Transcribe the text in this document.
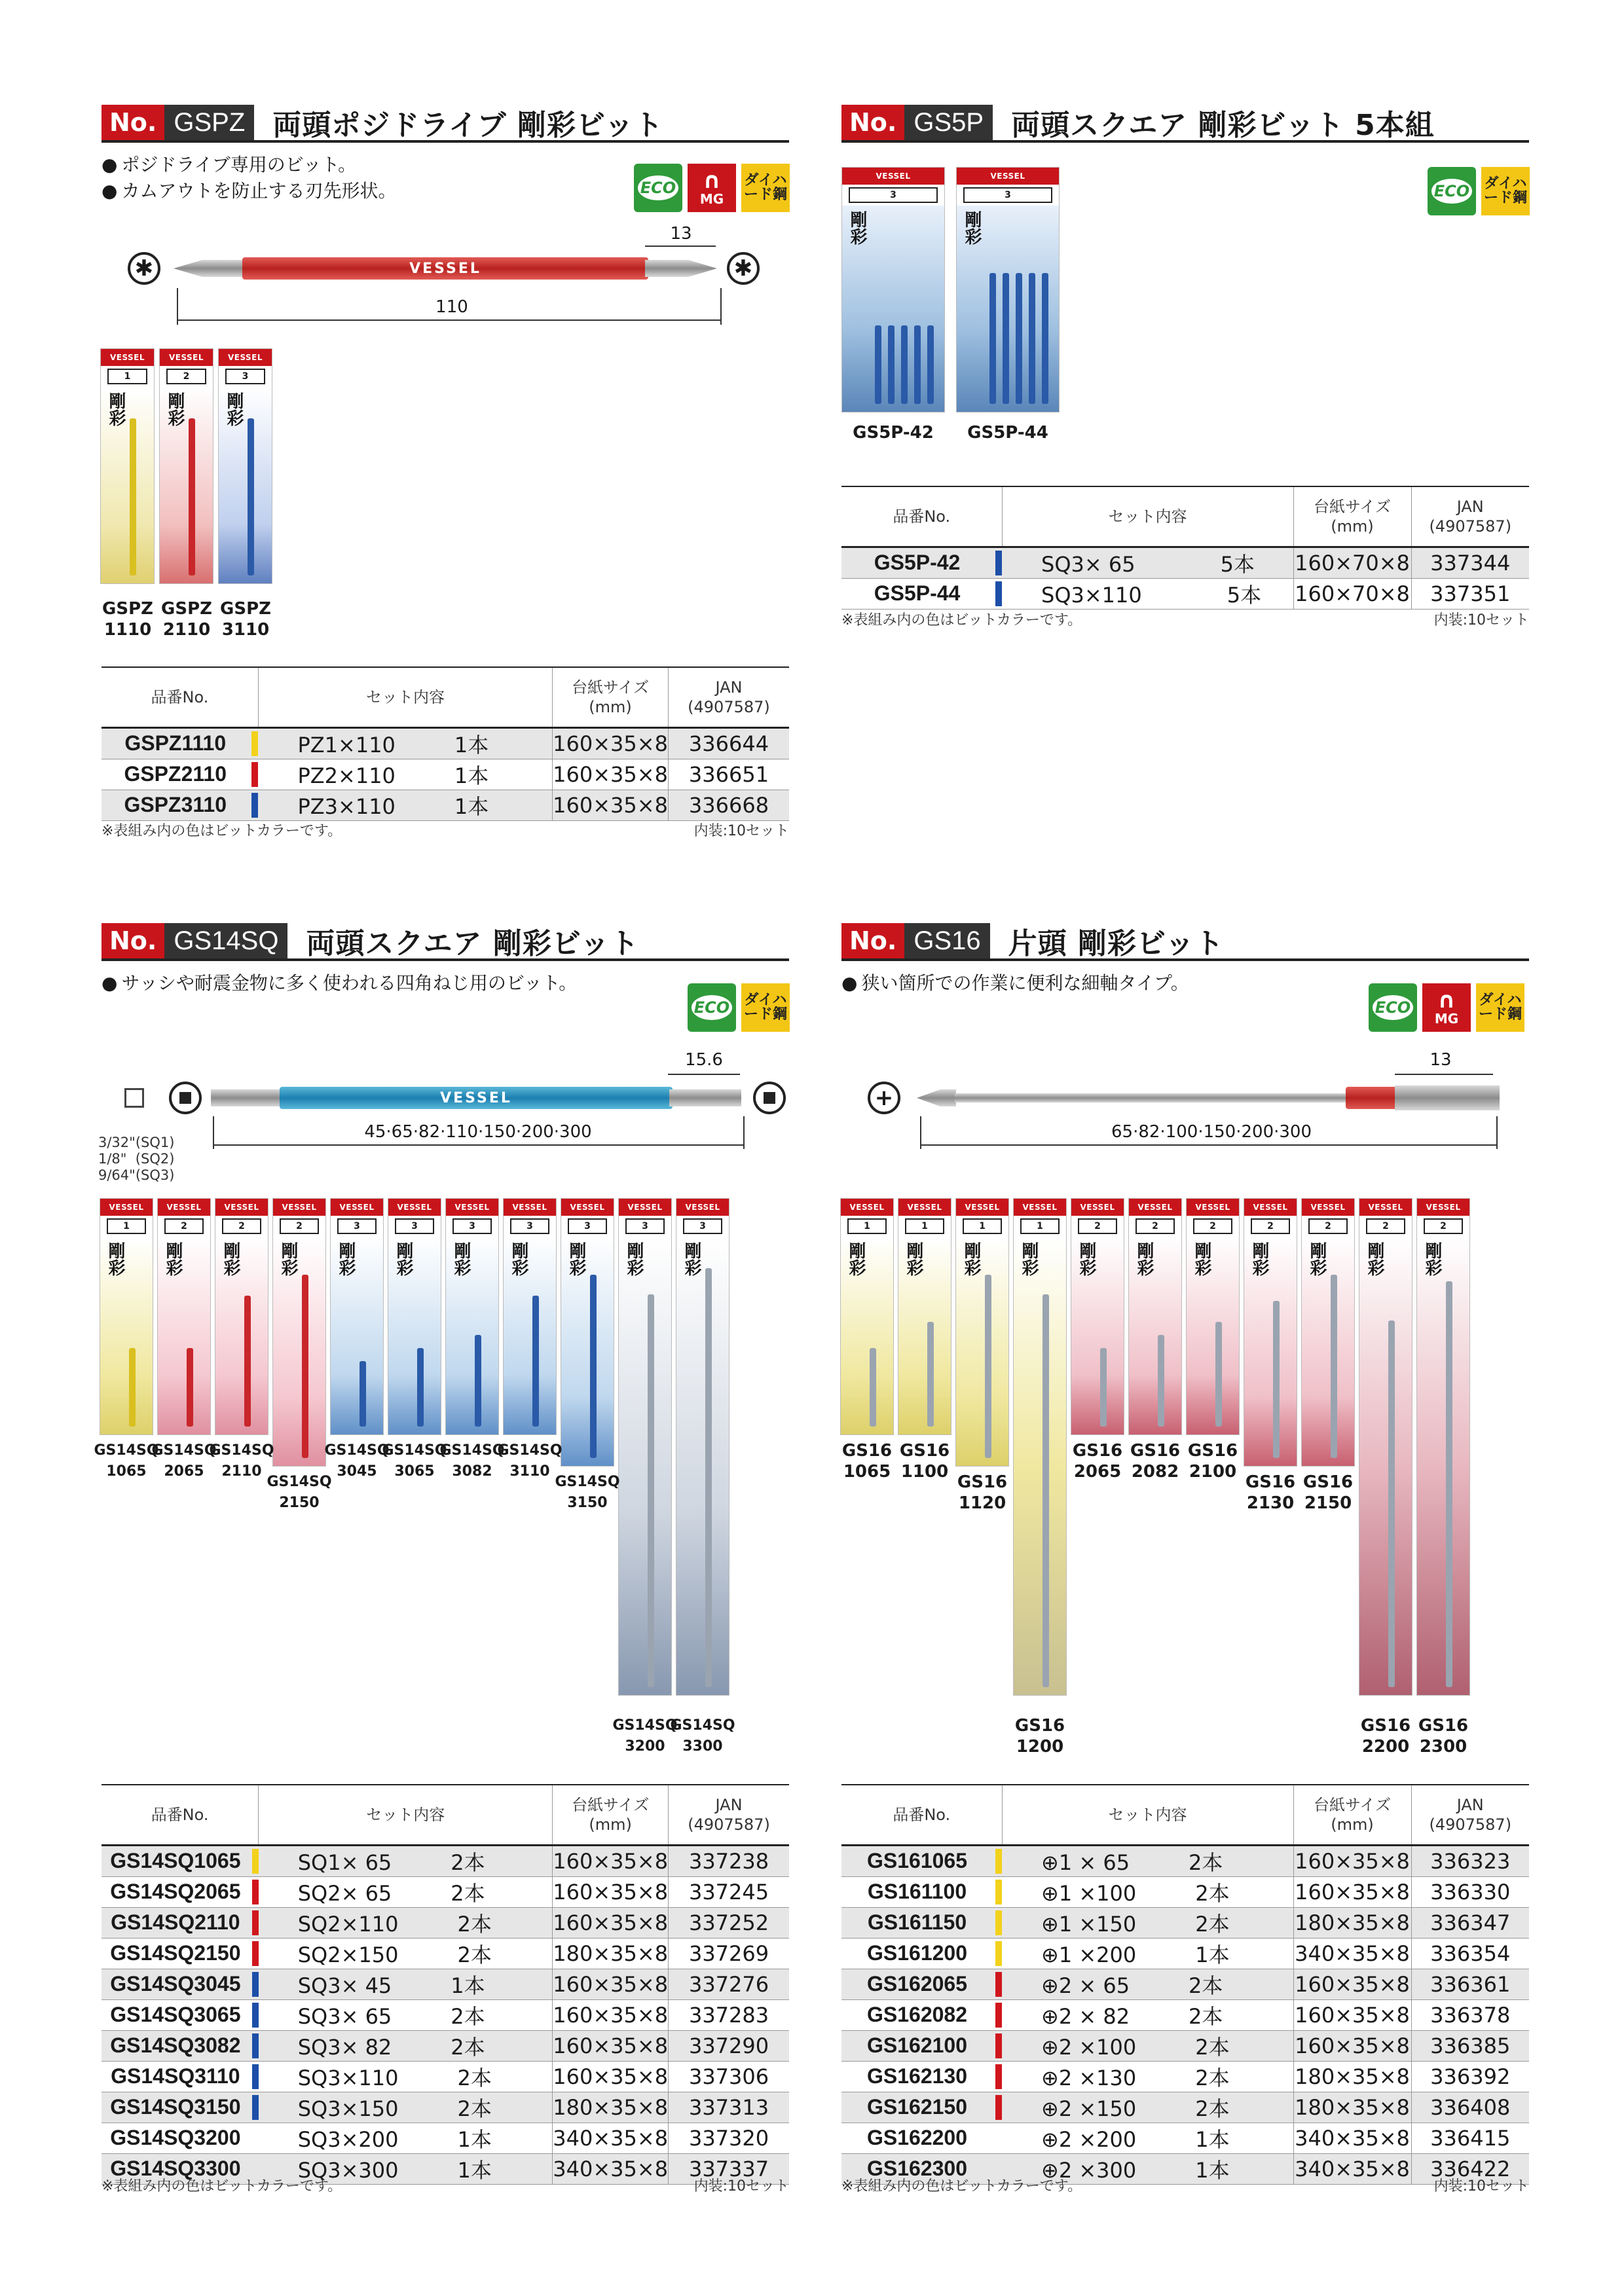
No. GSPZ 両頭ポジドライブ 剛彩ビット
● ポジドライブ専用のビット。
● カムアウトを防止する刃先形状。	ECO ∩
MG
ダイハード鋼
✱	✱
VESSEL
13
110
VESSEL
1
剛彩
VESSEL
2
剛彩
VESSEL
3
剛彩
GSPZ
1110
GSPZ
2110
GSPZ
3110
品番No.	セット内容	台紙サイズ
(mm)	JAN
(4907587)
GSPZ1110	PZ1×110 1本	160×35×8	336644
GSPZ2110	PZ2×110 1本	160×35×8	336651
GSPZ3110	PZ3×110 1本	160×35×8	336668
※表組み内の色はビットカラーです。	内装:10セット
No. GS5P 両頭スクエア 剛彩ビット 5本組
ECO ダイハード鋼
VESSEL
3
剛彩
VESSEL
3
剛彩
GS5P-42	GS5P-44
品番No.	セット内容	台紙サイズ
(mm)	JAN
(4907587)
GS5P-42	SQ3× 65 5本	160×70×8	337344
GS5P-44	SQ3×110 5本	160×70×8	337351
※表組み内の色はビットカラーです。	内装:10セット
No. GS14SQ 両頭スクエア 剛彩ビット
● サッシや耐震金物に多く使われる四角ねじ用のビット。
ECO ダイハード鋼
VESSEL
15.6
45·65·82·110·150·200·300
3/32"(SQ1)
1/8"  (SQ2)
9/64"(SQ3)
VESSEL
1
剛彩
VESSEL
2
剛彩
VESSEL
2
剛彩
VESSEL
2
剛彩
VESSEL
3
剛彩
VESSEL
3
剛彩
VESSEL
3
剛彩
VESSEL
3
剛彩
VESSEL
3
剛彩
VESSEL
3
剛彩
VESSEL
3
剛彩
GS14SQ
1065
GS14SQ
2065
GS14SQ
2110
GS14SQ
2150
GS14SQ
3045
GS14SQ
3065
GS14SQ
3082
GS14SQ
3110
GS14SQ
3150
GS14SQ
3200
GS14SQ
3300
品番No.	セット内容	台紙サイズ
(mm)	JAN
(4907587)
GS14SQ1065	SQ1× 65 2本	160×35×8	337238
GS14SQ2065	SQ2× 65 2本	160×35×8	337245
GS14SQ2110	SQ2×110 2本	160×35×8	337252
GS14SQ2150	SQ2×150 2本	180×35×8	337269
GS14SQ3045	SQ3× 45 1本	160×35×8	337276
GS14SQ3065	SQ3× 65 2本	160×35×8	337283
GS14SQ3082	SQ3× 82 2本	160×35×8	337290
GS14SQ3110	SQ3×110 2本	160×35×8	337306
GS14SQ3150	SQ3×150 2本	180×35×8	337313
GS14SQ3200	SQ3×200 1本	340×35×8	337320
GS14SQ3300	SQ3×300 1本	340×35×8	337337
※表組み内の色はビットカラーです。	内装:10セット
No. GS16 片頭 剛彩ビット
● 狭い箇所での作業に便利な細軸タイプ。
ECO ∩
MG
ダイハード鋼
+
13
65·82·100·150·200·300
VESSEL
1
剛彩
VESSEL
1
剛彩
VESSEL
1
剛彩
VESSEL
1
剛彩
VESSEL
2
剛彩
VESSEL
2
剛彩
VESSEL
2
剛彩
VESSEL
2
剛彩
VESSEL
2
剛彩
VESSEL
2
剛彩
VESSEL
2
剛彩
GS16
1065
GS16
1100
GS16
1120
GS16
1200
GS16
2065
GS16
2082
GS16
2100
GS16
2130
GS16
2150
GS16
2200
GS16
2300
品番No.	セット内容	台紙サイズ
(mm)	JAN
(4907587)
GS161065	⊕1 × 65 2本	160×35×8	336323
GS161100	⊕1 ×100 2本	160×35×8	336330
GS161150	⊕1 ×150 2本	180×35×8	336347
GS161200	⊕1 ×200 1本	340×35×8	336354
GS162065	⊕2 × 65 2本	160×35×8	336361
GS162082	⊕2 × 82 2本	160×35×8	336378
GS162100	⊕2 ×100 2本	160×35×8	336385
GS162130	⊕2 ×130 2本	180×35×8	336392
GS162150	⊕2 ×150 2本	180×35×8	336408
GS162200	⊕2 ×200 1本	340×35×8	336415
GS162300	⊕2 ×300 1本	340×35×8	336422
※表組み内の色はビットカラーです。	内装:10セット
